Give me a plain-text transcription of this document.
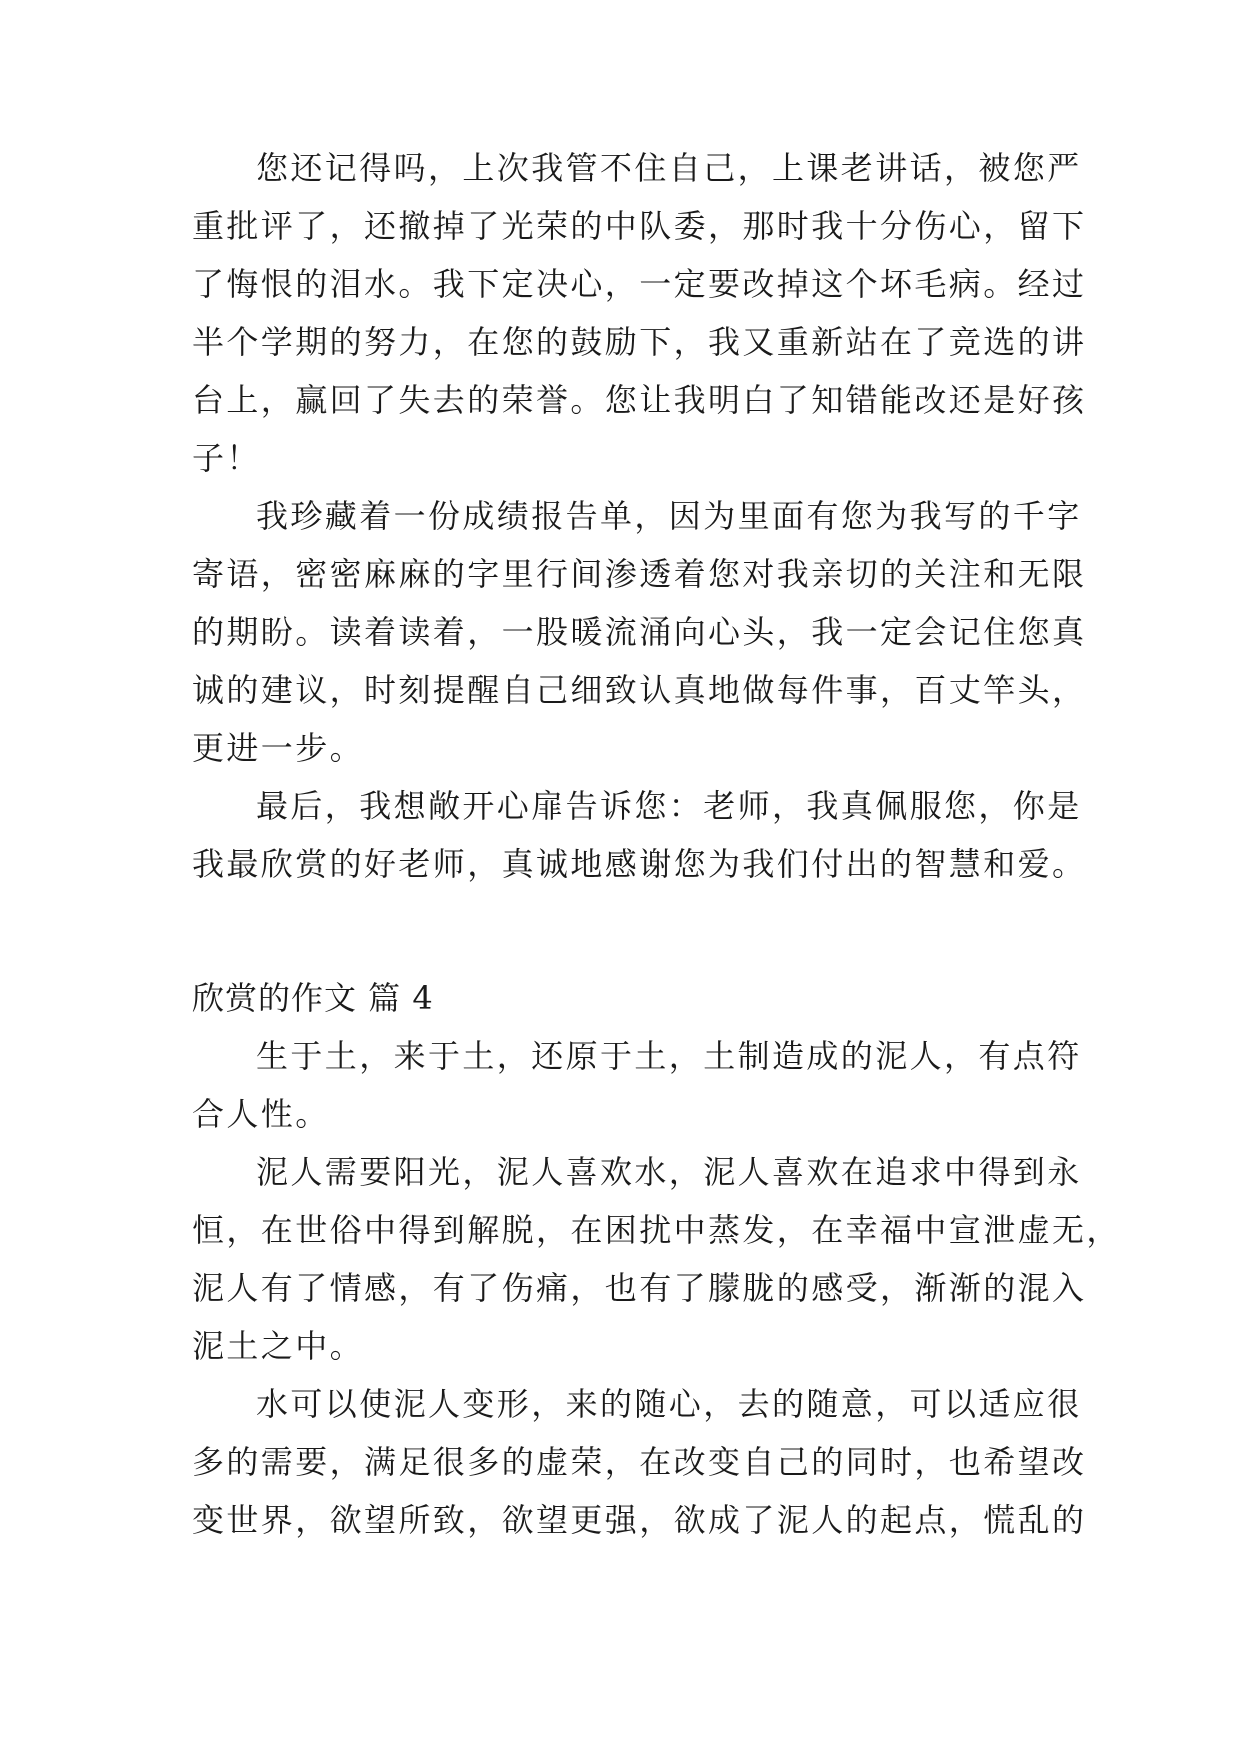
您还记得吗，上次我管不住自己，上课老讲话，被您严
重批评了，还撤掉了光荣的中队委，那时我十分伤心，留下
了悔恨的泪水。我下定决心，一定要改掉这个坏毛病。经过
半个学期的努力，在您的鼓励下，我又重新站在了竞选的讲
台上，赢回了失去的荣誉。您让我明白了知错能改还是好孩
子！
我珍藏着一份成绩报告单，因为里面有您为我写的千字
寄语，密密麻麻的字里行间渗透着您对我亲切的关注和无限
的期盼。读着读着，一股暖流涌向心头，我一定会记住您真
诚的建议，时刻提醒自己细致认真地做每件事，百丈竿头，
更进一步。
最后，我想敞开心扉告诉您：老师，我真佩服您，你是
我最欣赏的好老师，真诚地感谢您为我们付出的智慧和爱。
欣赏的作文 篇 4
生于土，来于土，还原于土，土制造成的泥人，有点符
合人性。
泥人需要阳光，泥人喜欢水，泥人喜欢在追求中得到永
恒，在世俗中得到解脱，在困扰中蒸发，在幸福中宣泄虚无，
泥人有了情感，有了伤痛，也有了朦胧的感受，渐渐的混入
泥土之中。
水可以使泥人变形，来的随心，去的随意，可以适应很
多的需要，满足很多的虚荣，在改变自己的同时，也希望改
变世界，欲望所致，欲望更强，欲成了泥人的起点，慌乱的
